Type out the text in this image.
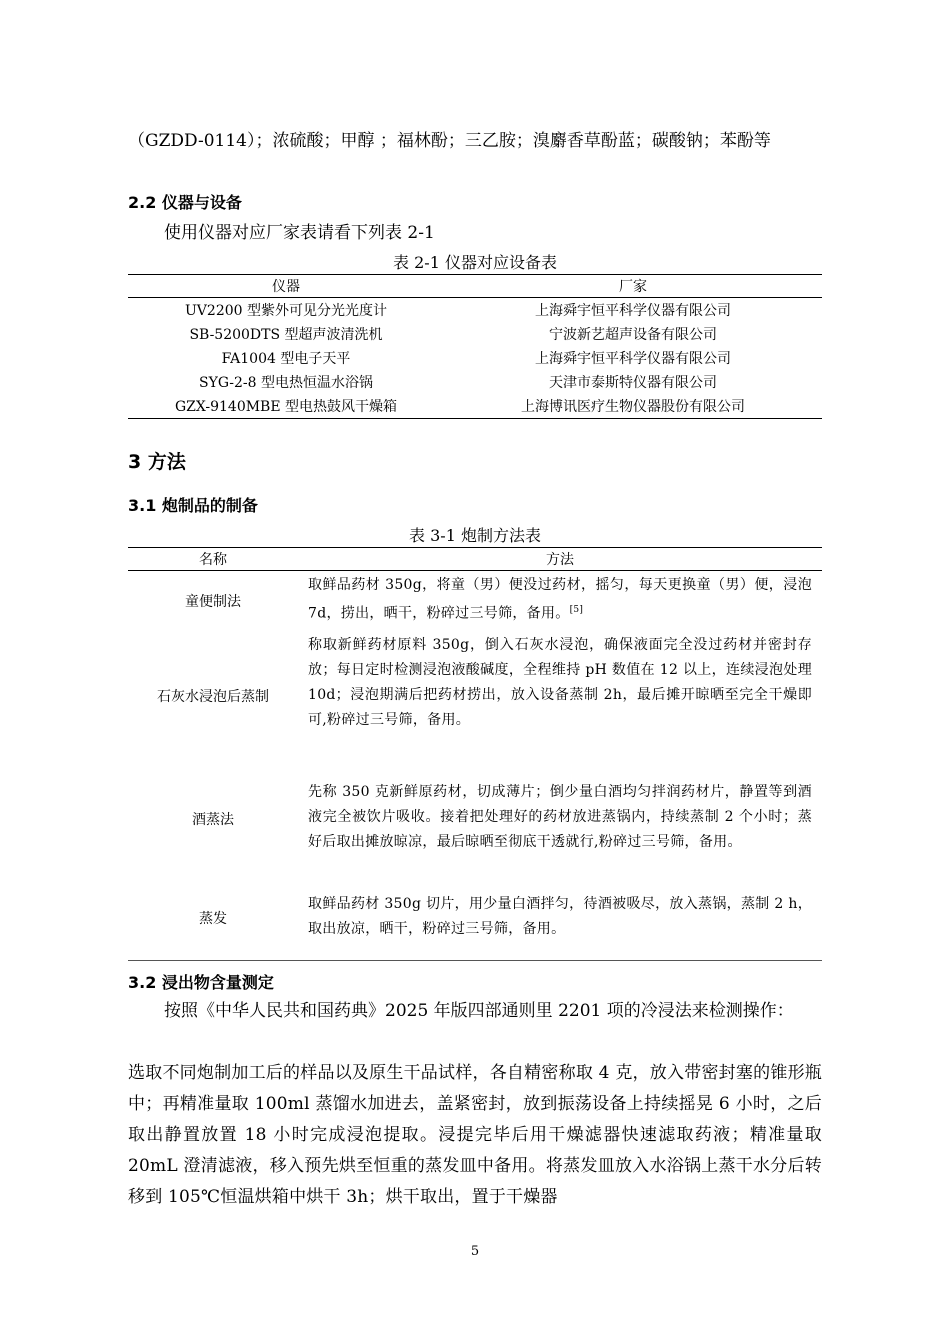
（GZDD-0114）；浓硫酸；甲醇 ；福林酚；三乙胺；溴麝香草酚蓝；碳酸钠；苯酚等

2.2 仪器与设备

使用仪器对应厂家表请看下列表 2-1

表 2-1 仪器对应设备表

仪器	厂家
UV2200 型紫外可见分光光度计	上海舜宇恒平科学仪器有限公司
SB-5200DTS 型超声波清洗机	宁波新艺超声设备有限公司
FA1004 型电子天平	上海舜宇恒平科学仪器有限公司
SYG-2-8 型电热恒温水浴锅	天津市泰斯特仪器有限公司
GZX-9140MBE 型电热鼓风干燥箱	上海博讯医疗生物仪器股份有限公司

3 方法

3.1 炮制品的制备

表 3-1 炮制方法表

名称	方法
童便制法	取鲜品药材 350g，将童（男）便没过药材，摇匀，每天更换童（男）便，浸泡 7d，捞出，晒干，粉碎过三号筛，备用。[5]
石灰水浸泡后蒸制	称取新鲜药材原料 350g，倒入石灰水浸泡，确保液面完全没过药材并密封存放；每日定时检测浸泡液酸碱度，全程维持 pH 数值在 12 以上，连续浸泡处理 10d；浸泡期满后把药材捞出，放入设备蒸制 2h，最后摊开晾晒至完全干燥即可,粉碎过三号筛，备用。
酒蒸法	先称 350 克新鲜原药材，切成薄片；倒少量白酒均匀拌润药材片，静置等到酒液完全被饮片吸收。接着把处理好的药材放进蒸锅内，持续蒸制 2 个小时；蒸好后取出摊放晾凉，最后晾晒至彻底干透就行,粉碎过三号筛，备用。
蒸发	取鲜品药材 350g 切片，用少量白酒拌匀，待酒被吸尽，放入蒸锅，蒸制 2 h，取出放凉，晒干，粉碎过三号筛，备用。

3.2 浸出物含量测定

按照《中华人民共和国药典》2025 年版四部通则里 2201 项的冷浸法来检测操作：

选取不同炮制加工后的样品以及原生干品试样，各自精密称取 4 克，放入带密封塞的锥形瓶中；再精准量取 100ml 蒸馏水加进去，盖紧密封，放到振荡设备上持续摇晃 6 小时，之后取出静置放置 18 小时完成浸泡提取。浸提完毕后用干燥滤器快速滤取药液；精准量取 20mL 澄清滤液，移入预先烘至恒重的蒸发皿中备用。将蒸发皿放入水浴锅上蒸干水分后转移到 105℃恒温烘箱中烘干 3h；烘干取出，置于干燥器

5
